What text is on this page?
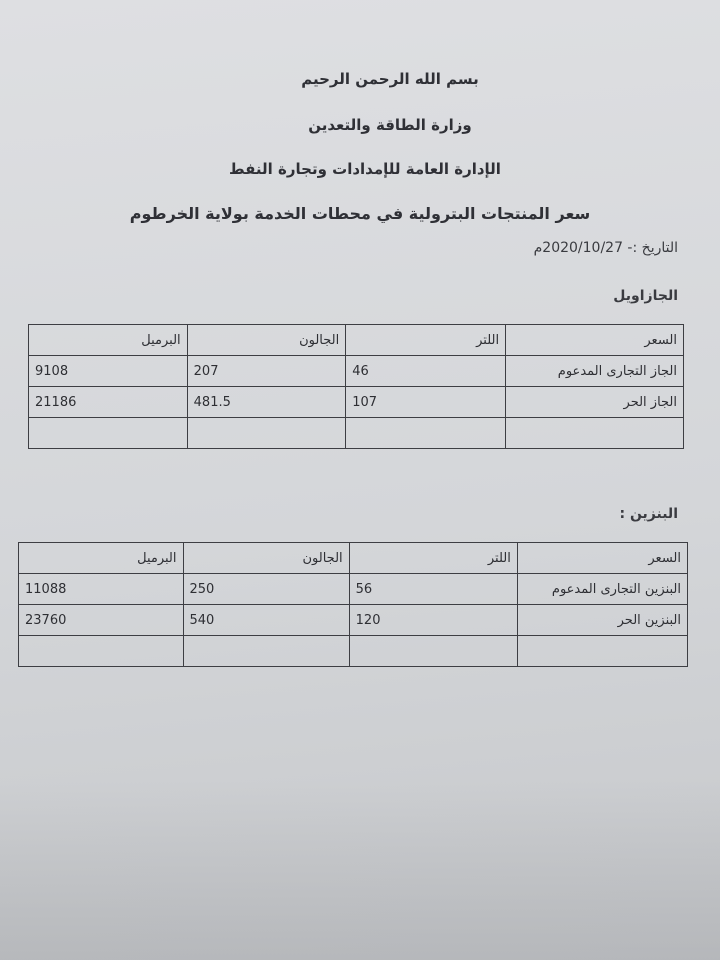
بسم الله الرحمن الرحيم
وزارة الطاقة والتعدين
الإدارة العامة للإمدادات وتجارة النفط
سعر المنتجات البترولية في محطات الخدمة بولاية الخرطوم
التاريخ :- 2020/10/27م
الجازاويل
السعر	اللتر	الجالون	البرميل
الجاز التجارى المدعوم	46	207	9108
الجاز الحر	107	481.5	21186

البنزين :
السعر	اللتر	الجالون	البرميل
البنزين التجارى المدعوم	56	250	11088
البنزين الحر	120	540	23760
